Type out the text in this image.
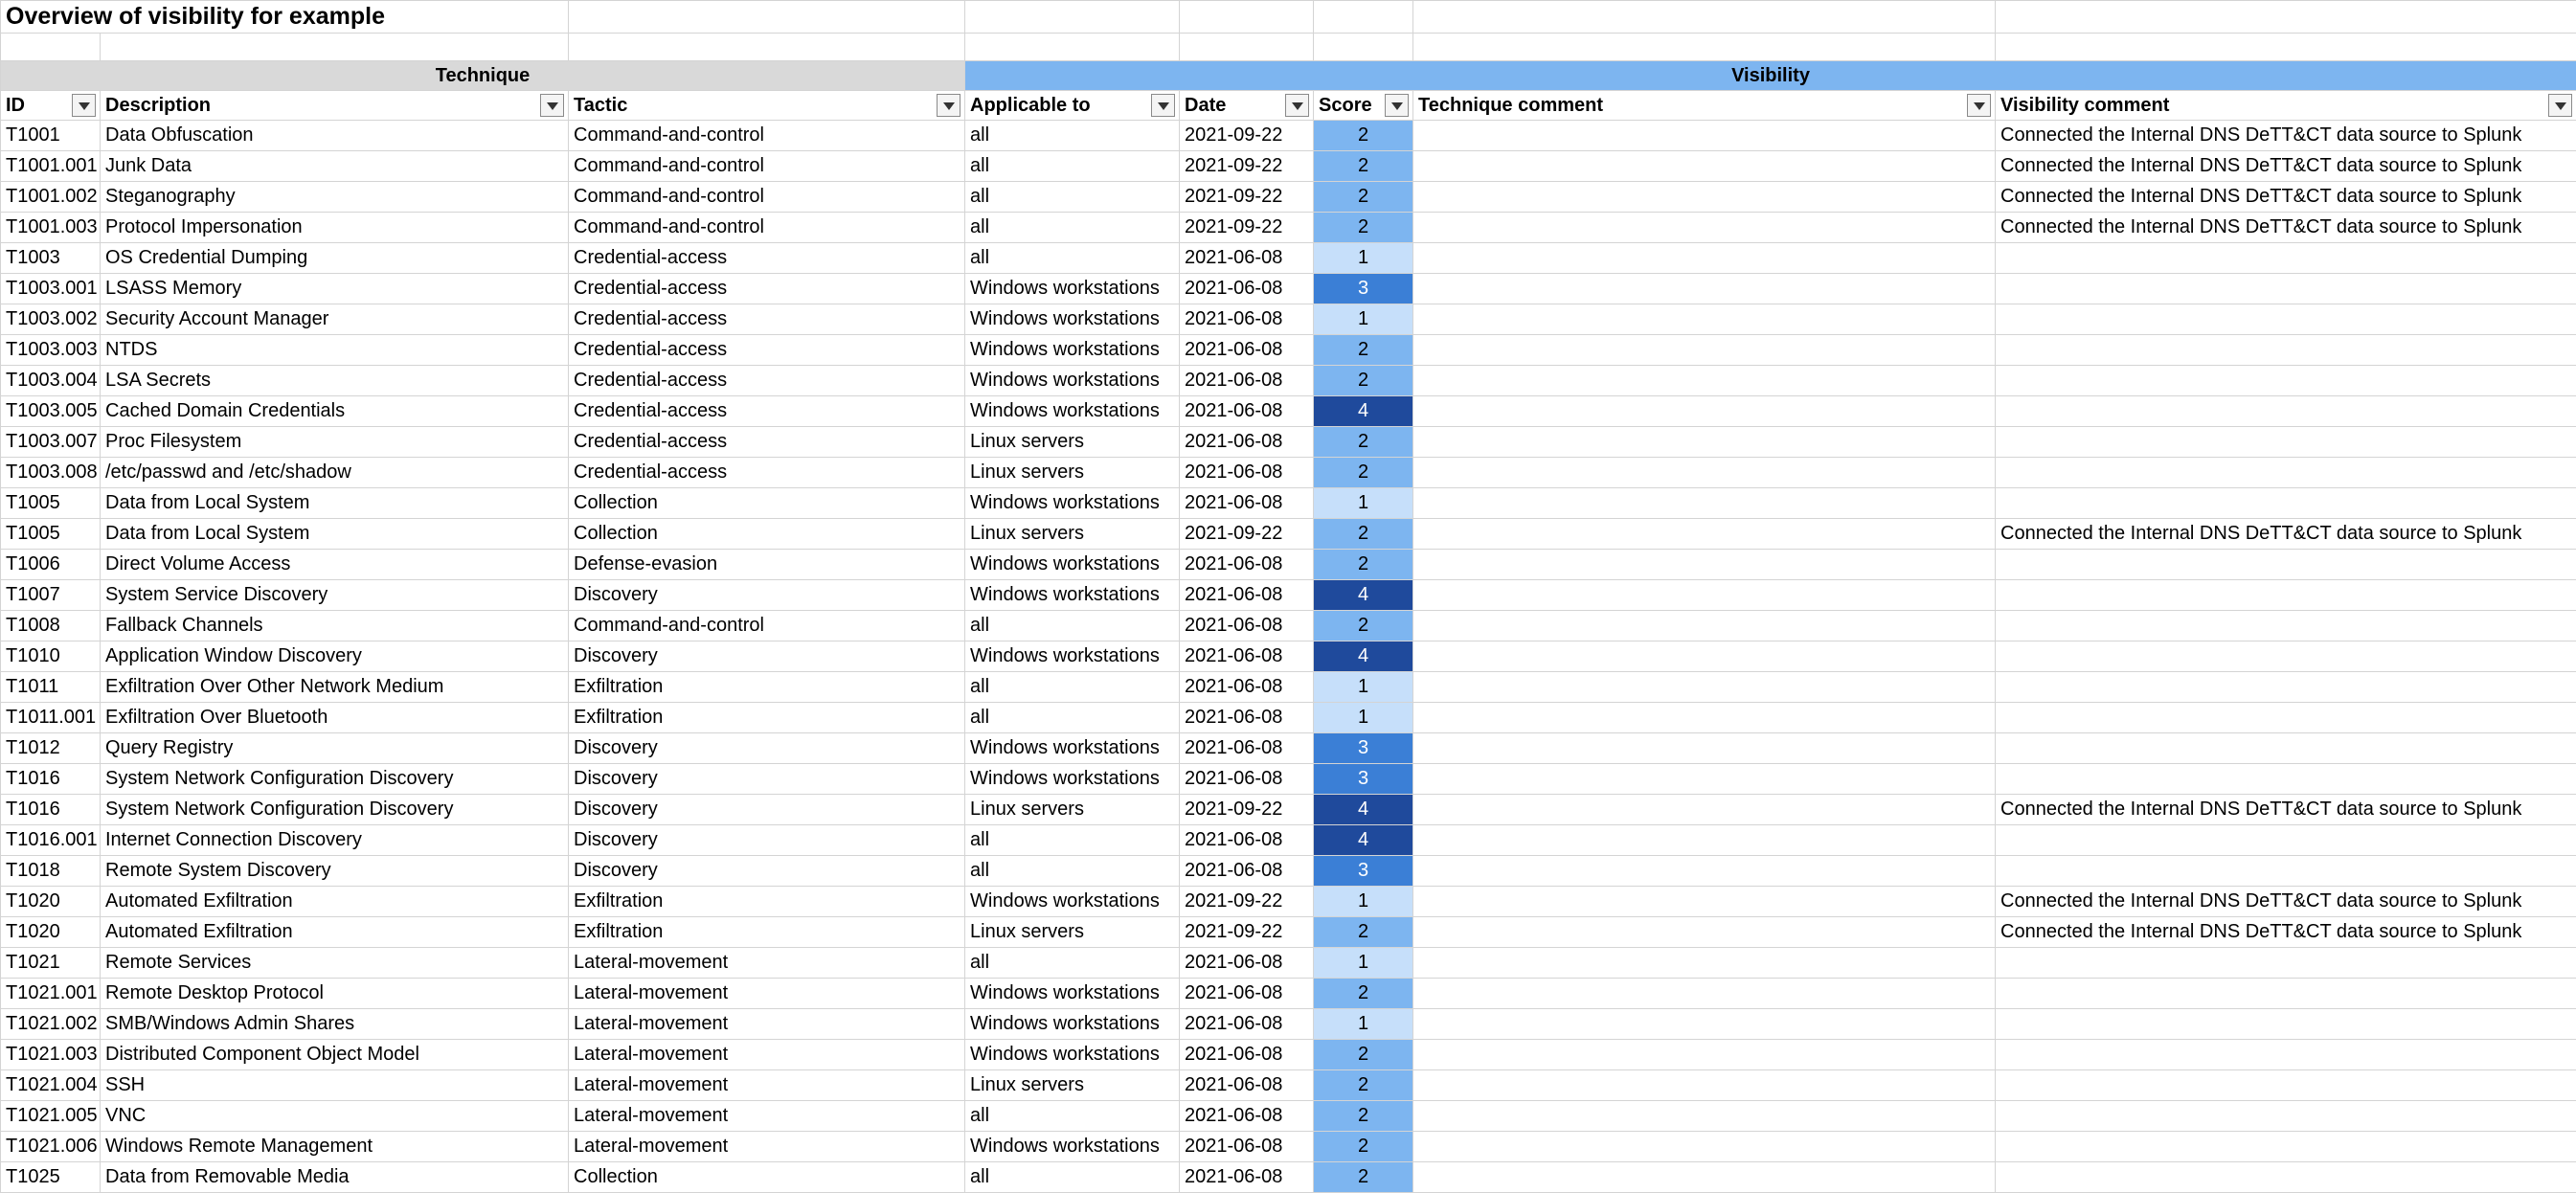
Overview of visibility for example							

Technique			Visibility				
ID	Description	Tactic	Applicable to	Date	Score	Technique comment	Visibility comment

T1001	Data Obfuscation	Command-and-control	all	2021-09-22	2		Connected the Internal DNS DeTT&CT data source to Splunk
T1001.001	Junk Data	Command-and-control	all	2021-09-22	2		Connected the Internal DNS DeTT&CT data source to Splunk
T1001.002	Steganography	Command-and-control	all	2021-09-22	2		Connected the Internal DNS DeTT&CT data source to Splunk
T1001.003	Protocol Impersonation	Command-and-control	all	2021-09-22	2		Connected the Internal DNS DeTT&CT data source to Splunk
T1003	OS Credential Dumping	Credential-access	all	2021-06-08	1		
T1003.001	LSASS Memory	Credential-access	Windows workstations	2021-06-08	3		
T1003.002	Security Account Manager	Credential-access	Windows workstations	2021-06-08	1		
T1003.003	NTDS	Credential-access	Windows workstations	2021-06-08	2		
T1003.004	LSA Secrets	Credential-access	Windows workstations	2021-06-08	2		
T1003.005	Cached Domain Credentials	Credential-access	Windows workstations	2021-06-08	4		
T1003.007	Proc Filesystem	Credential-access	Linux servers	2021-06-08	2		
T1003.008	/etc/passwd and /etc/shadow	Credential-access	Linux servers	2021-06-08	2		
T1005	Data from Local System	Collection	Windows workstations	2021-06-08	1		
T1005	Data from Local System	Collection	Linux servers	2021-09-22	2		Connected the Internal DNS DeTT&CT data source to Splunk
T1006	Direct Volume Access	Defense-evasion	Windows workstations	2021-06-08	2		
T1007	System Service Discovery	Discovery	Windows workstations	2021-06-08	4		
T1008	Fallback Channels	Command-and-control	all	2021-06-08	2		
T1010	Application Window Discovery	Discovery	Windows workstations	2021-06-08	4		
T1011	Exfiltration Over Other Network Medium	Exfiltration	all	2021-06-08	1		
T1011.001	Exfiltration Over Bluetooth	Exfiltration	all	2021-06-08	1		
T1012	Query Registry	Discovery	Windows workstations	2021-06-08	3		
T1016	System Network Configuration Discovery	Discovery	Windows workstations	2021-06-08	3		
T1016	System Network Configuration Discovery	Discovery	Linux servers	2021-09-22	4		Connected the Internal DNS DeTT&CT data source to Splunk
T1016.001	Internet Connection Discovery	Discovery	all	2021-06-08	4		
T1018	Remote System Discovery	Discovery	all	2021-06-08	3		
T1020	Automated Exfiltration	Exfiltration	Windows workstations	2021-09-22	1		Connected the Internal DNS DeTT&CT data source to Splunk
T1020	Automated Exfiltration	Exfiltration	Linux servers	2021-09-22	2		Connected the Internal DNS DeTT&CT data source to Splunk
T1021	Remote Services	Lateral-movement	all	2021-06-08	1		
T1021.001	Remote Desktop Protocol	Lateral-movement	Windows workstations	2021-06-08	2		
T1021.002	SMB/Windows Admin Shares	Lateral-movement	Windows workstations	2021-06-08	1		
T1021.003	Distributed Component Object Model	Lateral-movement	Windows workstations	2021-06-08	2		
T1021.004	SSH	Lateral-movement	Linux servers	2021-06-08	2		
T1021.005	VNC	Lateral-movement	all	2021-06-08	2		
T1021.006	Windows Remote Management	Lateral-movement	Windows workstations	2021-06-08	2		
T1025	Data from Removable Media	Collection	all	2021-06-08	2		
